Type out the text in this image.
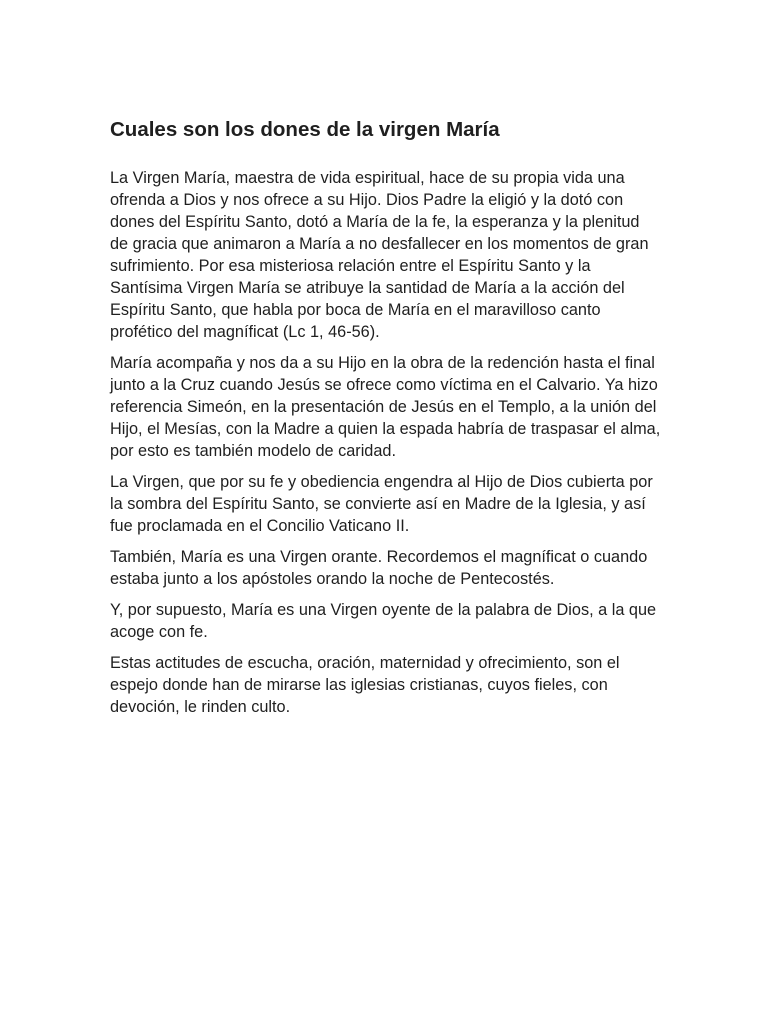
Cuales son los dones de la virgen María

La Virgen María, maestra de vida espiritual, hace de su propia vida una ofrenda a Dios y nos ofrece a su Hijo. Dios Padre la eligió y la dotó con dones del Espíritu Santo, dotó a María de la fe, la esperanza y la plenitud de gracia que animaron a María a no desfallecer en los momentos de gran sufrimiento. Por esa misteriosa relación entre el Espíritu Santo y la Santísima Virgen María se atribuye la santidad de María a la acción del Espíritu Santo, que habla por boca de María en el maravilloso canto profético del magníficat (Lc 1, 46-56).

María acompaña y nos da a su Hijo en la obra de la redención hasta el final junto a la Cruz cuando Jesús se ofrece como víctima en el Calvario. Ya hizo referencia Simeón, en la presentación de Jesús en el Templo, a la unión del Hijo, el Mesías, con la Madre a quien la espada habría de traspasar el alma, por esto es también modelo de caridad.

La Virgen, que por su fe y obediencia engendra al Hijo de Dios cubierta por la sombra del Espíritu Santo, se convierte así en Madre de la Iglesia, y así fue proclamada en el Concilio Vaticano II.

También, María es una Virgen orante. Recordemos el magníficat o cuando estaba junto a los apóstoles orando la noche de Pentecostés.

Y, por supuesto, María es una Virgen oyente de la palabra de Dios, a la que acoge con fe.

Estas actitudes de escucha, oración, maternidad y ofrecimiento, son el espejo donde han de mirarse las iglesias cristianas, cuyos fieles, con devoción, le rinden culto.
